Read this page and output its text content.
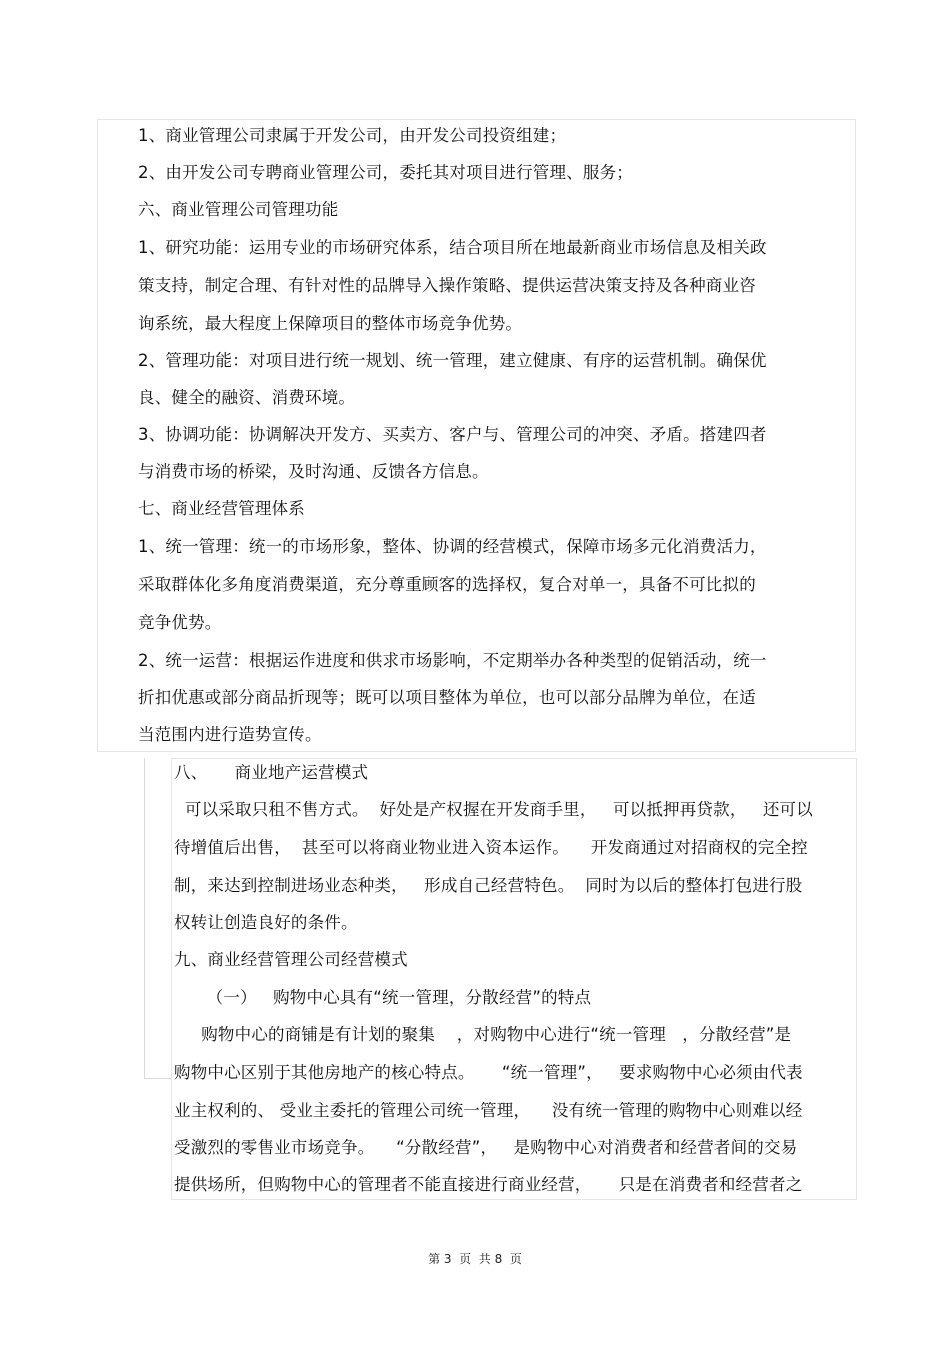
1、商业管理公司隶属于开发公司，由开发公司投资组建；
2、由开发公司专聘商业管理公司，委托其对项目进行管理、服务；
六、商业管理公司管理功能
1、研究功能：运用专业的市场研究体系，结合项目所在地最新商业市场信息及相关政
策支持，制定合理、有针对性的品牌导入操作策略、提供运营决策支持及各种商业咨
询系统，最大程度上保障项目的整体市场竞争优势。
2、管理功能：对项目进行统一规划、统一管理，建立健康、有序的运营机制。确保优
良、健全的融资、消费环境。
3、协调功能：协调解决开发方、买卖方、客户与、管理公司的冲突、矛盾。搭建四者
与消费市场的桥梁，及时沟通、反馈各方信息。
七、商业经营管理体系
1、统一管理：统一的市场形象，整体、协调的经营模式，保障市场多元化消费活力，
采取群体化多角度消费渠道，充分尊重顾客的选择权，复合对单一，具备不可比拟的
竞争优势。
2、统一运营：根据运作进度和供求市场影响，不定期举办各种类型的促销活动，统一
折扣优惠或部分商品折现等；既可以项目整体为单位，也可以部分品牌为单位，在适
当范围内进行造势宣传。
八、     商业地产运营模式
可以采取只租不售方式。  好处是产权握在开发商手里，   可以抵押再贷款，   还可以
待增值后出售，  甚至可以将商业物业进入资本运作。    开发商通过对招商权的完全控
制，来达到控制进场业态种类，   形成自己经营特色。  同时为以后的整体打包进行股
权转让创造良好的条件。
九、商业经营管理公司经营模式
（一）   购物中心具有“统一管理，分散经营”的特点
购物中心的商铺是有计划的聚集    ，对购物中心进行“统一管理   ，分散经营”是
购物中心区别于其他房地产的核心特点。     “统一管理”，   要求购物中心必须由代表
业主权利的、 受业主委托的管理公司统一管理，    没有统一管理的购物中心则难以经
受激烈的零售业市场竞争。    “分散经营”，   是购物中心对消费者和经营者间的交易
提供场所，但购物中心的管理者不能直接进行商业经营，     只是在消费者和经营者之
第 3  页  共 8  页
